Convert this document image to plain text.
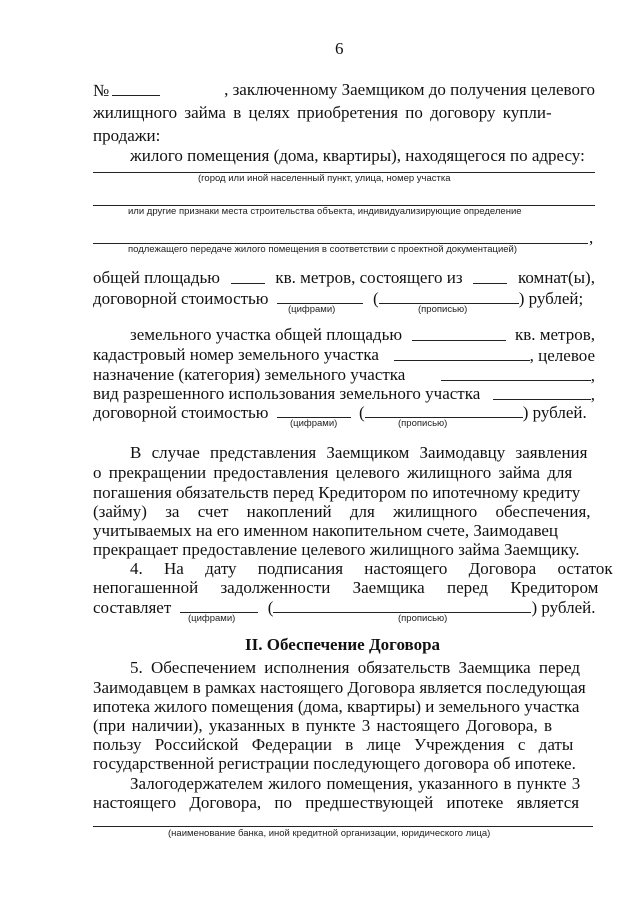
6
№	, заключенному Заемщиком до получения целевого
жилищного займа в целях приобретения по договору купли-
продажи:
жилого помещения (дома, квартиры), находящегося по адресу:
(город или иной населенный пункт, улица, номер участка
или другие признаки места строительства объекта, индивидуализирующие определение
,
подлежащего передаче жилого помещения в соответствии с проектной документацией)
общей площадью	кв. метров, состоящего из	комнат(ы),
договорной стоимостью	(	) рублей;
(цифрами)	(прописью)
земельного участка общей площадью	кв. метров,
кадастровый номер земельного участка	, целевое
назначение (категория) земельного участка	,
вид разрешенного использования земельного участка	,
договорной стоимостью	(	) рублей.
(цифрами)	(прописью)
В случае представления Заемщиком Заимодавцу заявления
о прекращении предоставления целевого жилищного займа для
погашения обязательств перед Кредитором по ипотечному кредиту
(займу) за счет накоплений для жилищного обеспечения,
учитываемых на его именном накопительном счете, Заимодавец
прекращает предоставление целевого жилищного займа Заемщику.
4. На дату подписания настоящего Договора остаток
непогашенной задолженности Заемщика перед Кредитором
составляет	(	) рублей.
(цифрами)	(прописью)
II. Обеспечение Договора
5. Обеспечением исполнения обязательств Заемщика перед
Заимодавцем в рамках настоящего Договора является последующая
ипотека жилого помещения (дома, квартиры) и земельного участка
(при наличии), указанных в пункте 3 настоящего Договора, в
пользу Российской Федерации в лице Учреждения с даты
государственной регистрации последующего договора об ипотеке.
Залогодержателем жилого помещения, указанного в пункте 3
настоящего Договора, по предшествующей ипотеке является
(наименование банка, иной кредитной организации, юридического лица)
